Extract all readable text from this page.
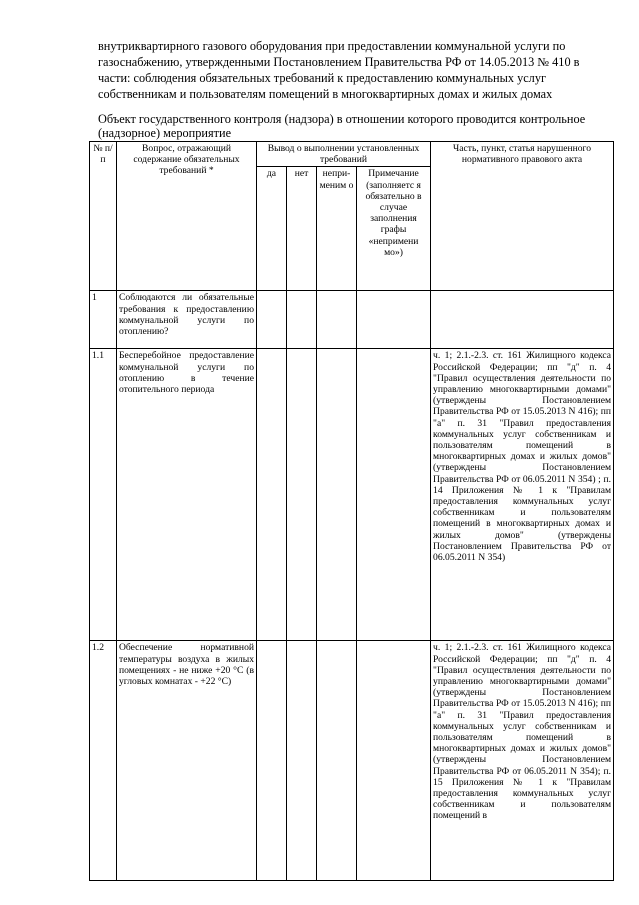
внутриквартирного газового оборудования при предоставлении коммунальной услуги по
газоснабжению, утвержденными Постановлением Правительства РФ от 14.05.2013 № 410 в
части: соблюдения обязательных требований к предоставлению коммунальных услуг
собственникам и пользователям помещений в многоквартирных домах и жилых домах
Объект государственного контроля (надзора) в отношении которого проводится контрольное (надзорное) мероприятие
№ п/п	Вопрос, отражающий содержание обязательных требований *	Вывод о выполнении установленных требований				Часть, пункт, статья нарушенного нормативного правового акта
		да	нет	непри-меним о	Примечание (заполняетс я обязательно в случае заполнения графы «непримени мо»)	
1	Соблюдаются ли обязательные требования к предоставлению коммунальной услуги по отоплению?					
1.1	Бесперебойное предоставление коммунальной услуги по отоплению в течение отопительного периода					ч. 1; 2.1.-2.3. ст. 161 Жилищного кодекса Российской Федерации; пп "д" п. 4 "Правил осуществления деятельности по управлению многоквартирными домами" (утверждены Постановлением Правительства РФ от 15.05.2013 N 416); пп "а" п. 31 "Правил предоставления коммунальных услуг собственникам и пользователям помещений в многоквартирных домах и жилых домов" (утверждены Постановлением Правительства РФ от 06.05.2011 N 354) ; п. 14 Приложения № 1 к "Правилам предоставления коммунальных услуг собственникам и пользователям помещений в многоквартирных домах и жилых домов" (утверждены Постановлением Правительства РФ от 06.05.2011 N 354)
1.2	Обеспечение нормативной температуры воздуха в жилых помещениях - не ниже +20 °С (в угловых комнатах - +22 °С)					ч. 1; 2.1.-2.3. ст. 161 Жилищного кодекса Российской Федерации; пп "д" п. 4 "Правил осуществления деятельности по управлению многоквартирными домами" (утверждены Постановлением Правительства РФ от 15.05.2013 N 416); пп "а" п. 31 "Правил предоставления коммунальных услуг собственникам и пользователям помещений в многоквартирных домах и жилых домов" (утверждены Постановлением Правительства РФ от 06.05.2011 N 354); п. 15 Приложения № 1 к "Правилам предоставления коммунальных услуг собственникам и пользователям помещений в
